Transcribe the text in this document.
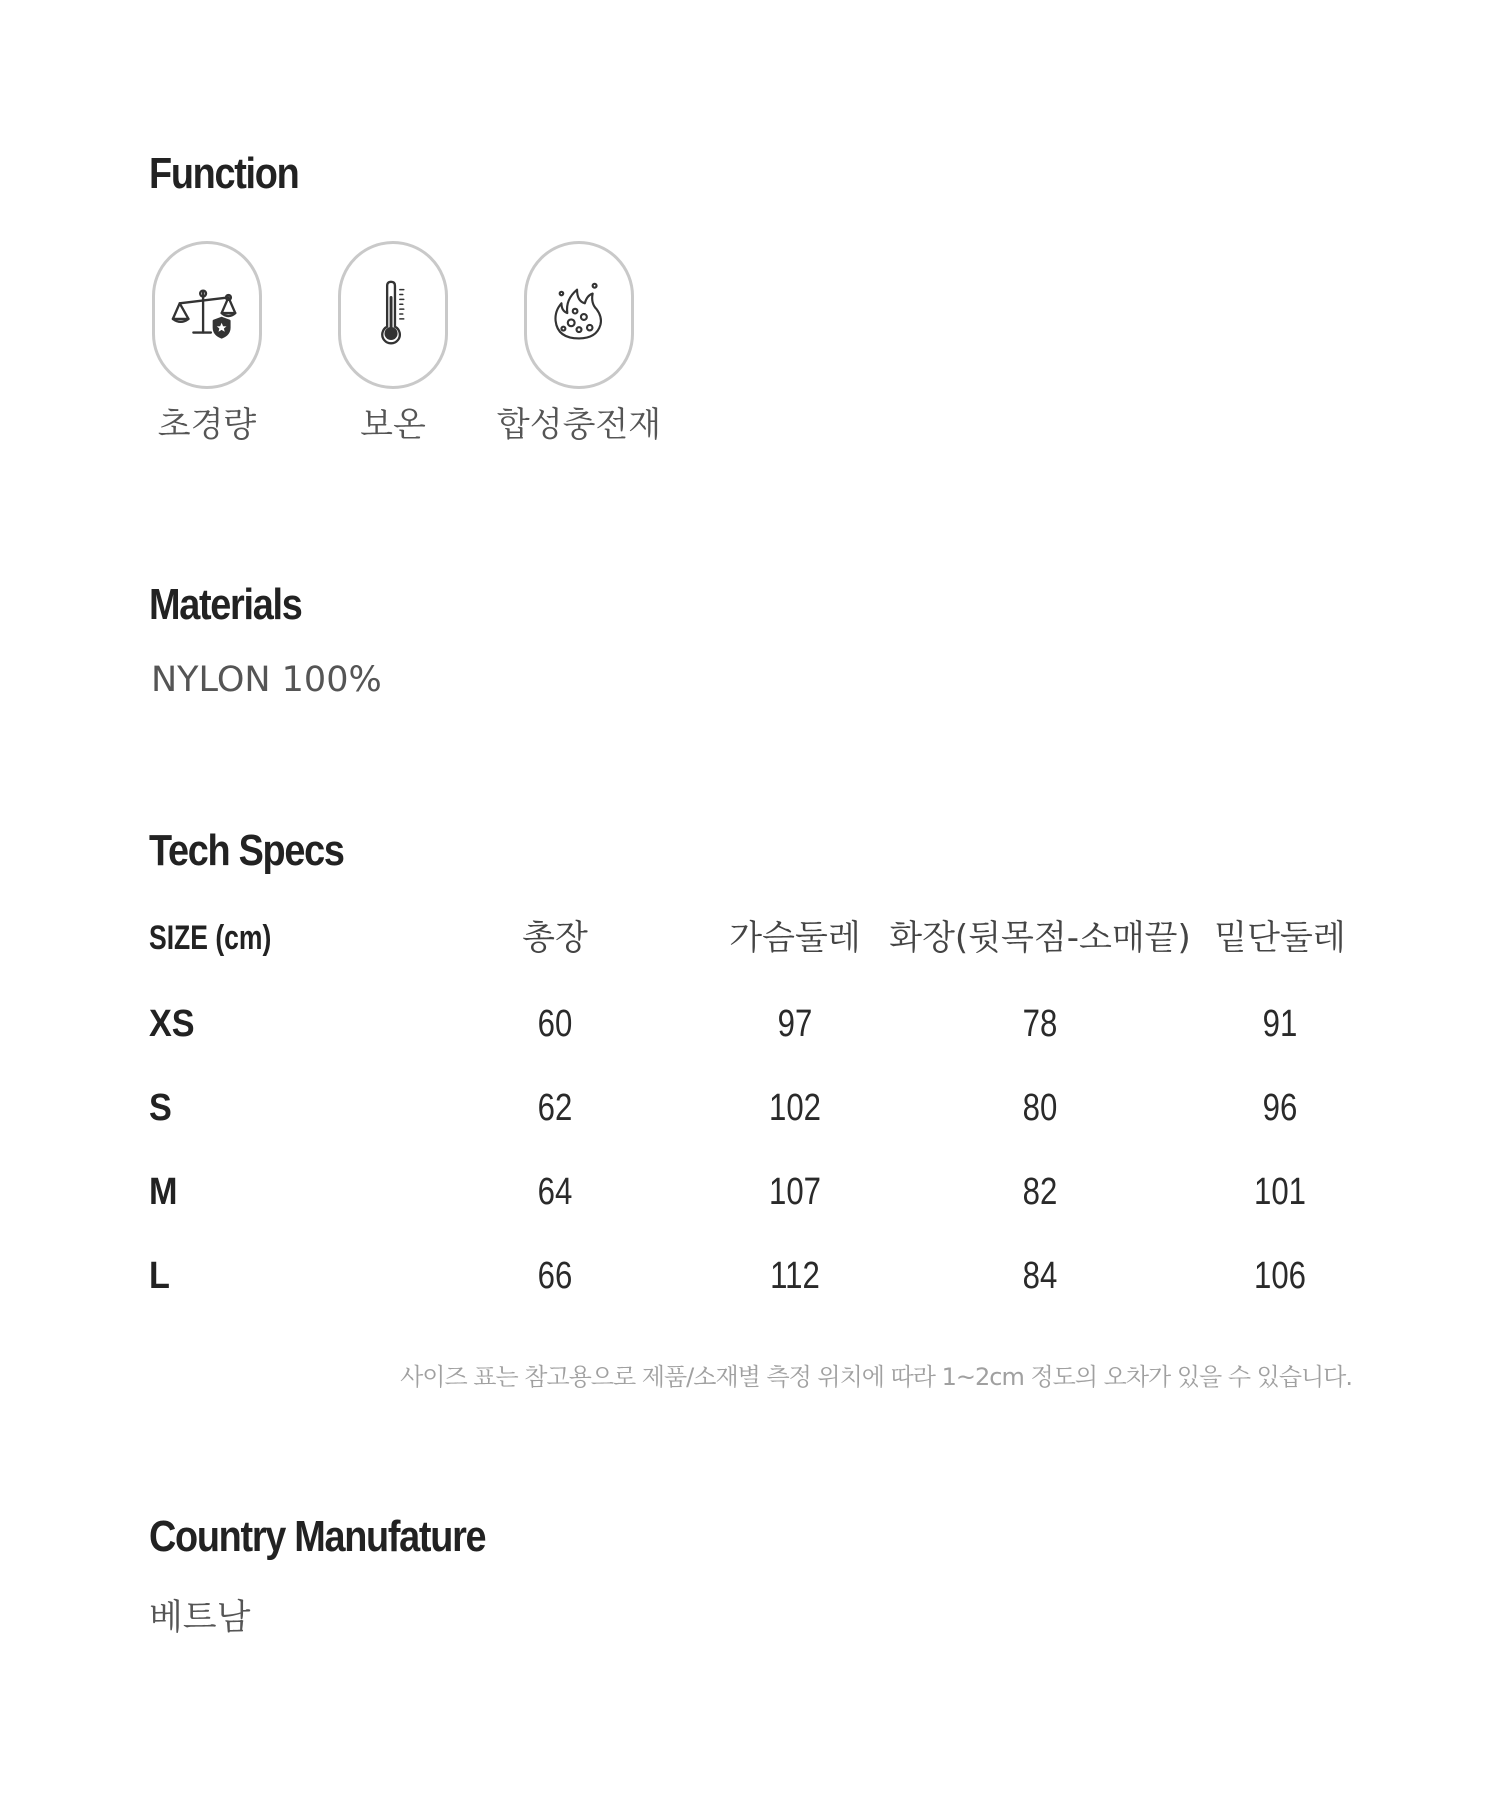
Function
초경량	보온	합성충전재
Materials
NYLON 100%
Tech Specs
SIZE (cm)	총장	가슴둘레 화장(뒷목점-소매끝) 밑단둘레
XS	60	97	78	91
S	62	102	80	96
M	64	107	82	101
L	66	112	84	106
사이즈 표는 참고용으로 제품/소재별 측정 위치에 따라 1~2cm 정도의 오차가 있을 수 있습니다.
Country Manufature
베트남
